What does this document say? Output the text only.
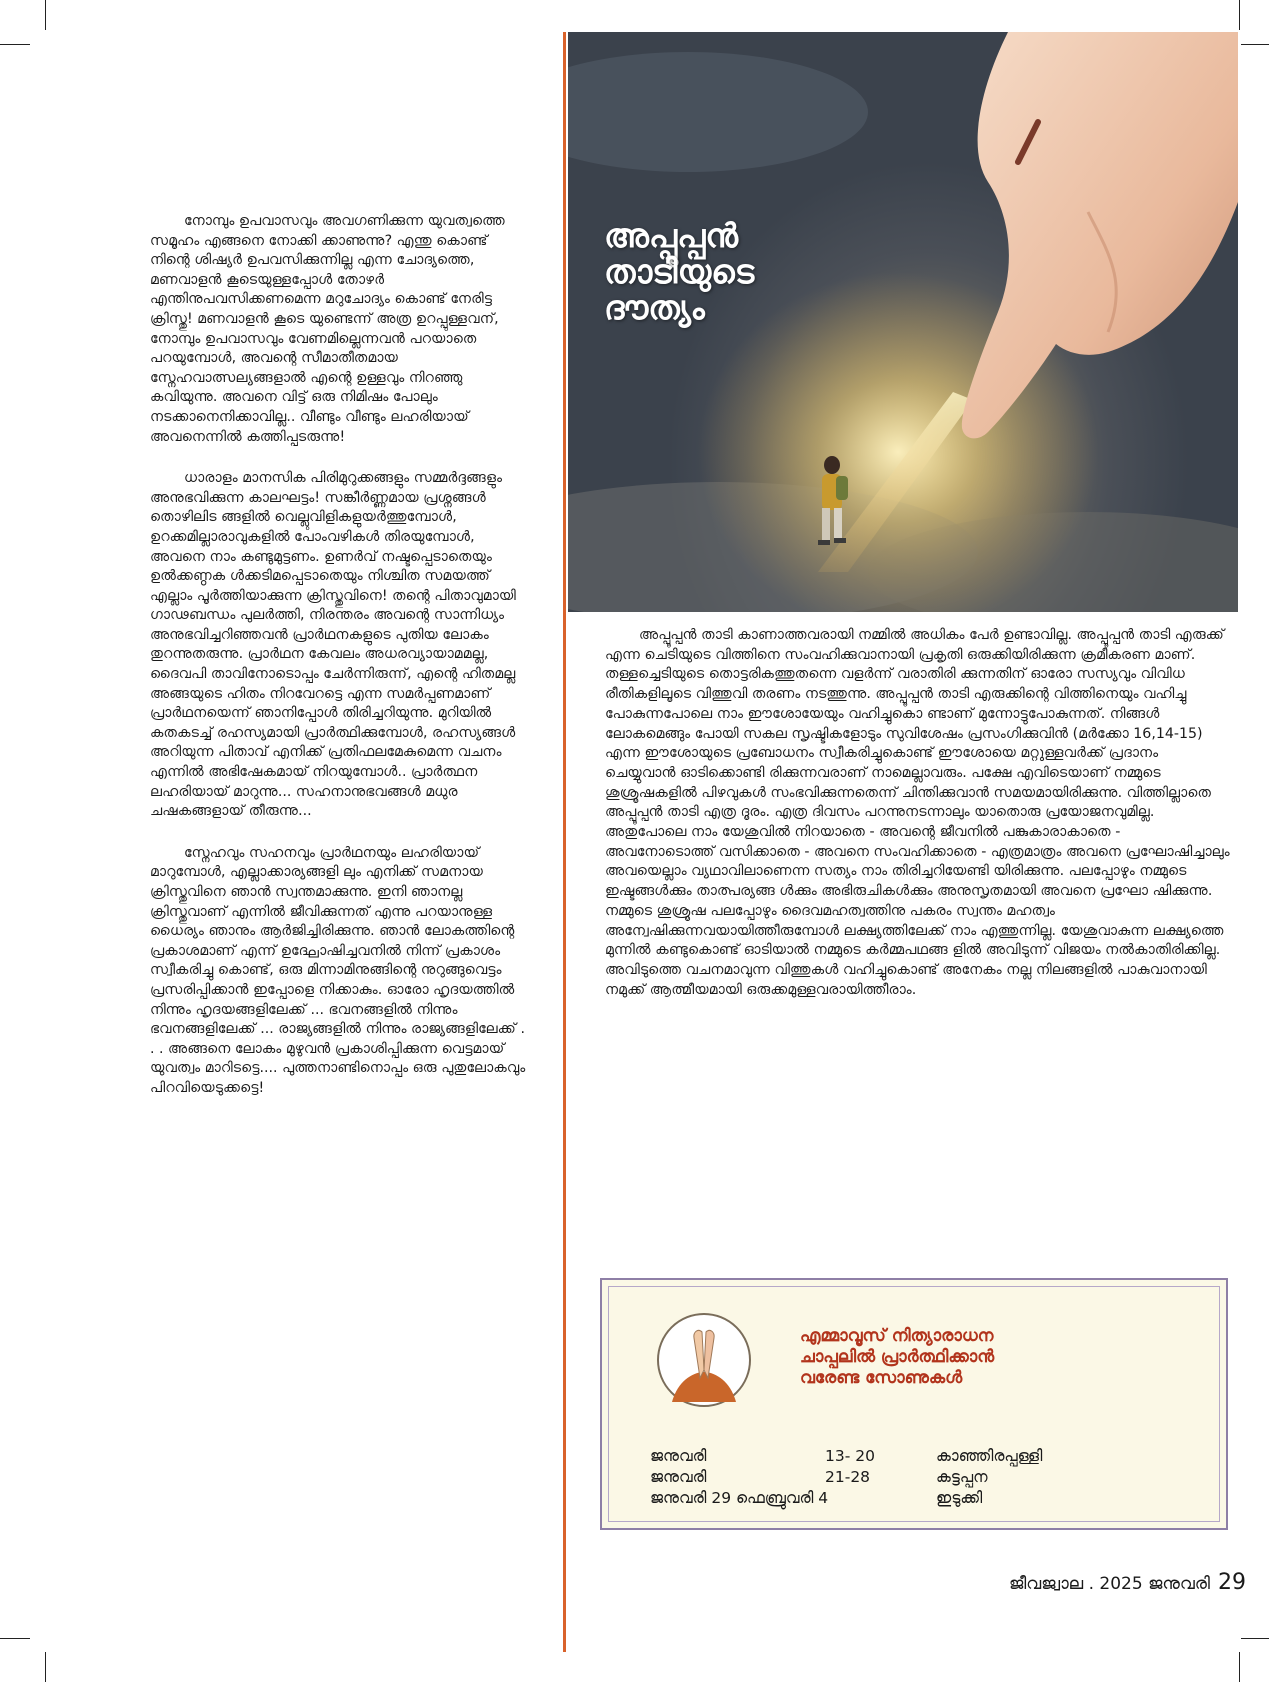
നോമ്പും ഉപവാസവും അവഗണിക്കുന്ന യുവത്വത്തെ സമൂഹം എങ്ങനെ നോക്കി ക്കാണുന്നു? എന്തു കൊണ്ട് നിന്റെ ശിഷ്യർ ഉപവസിക്കുന്നില്ല എന്ന ചോദ്യത്തെ, മണവാളൻ കൂടെയുള്ളപ്പോൾ തോഴർ എന്തിനുപവസിക്കണമെന്ന മറുചോദ്യം കൊണ്ട് നേരിട്ട ക്രിസ്തു! മണവാളൻ കൂടെ യുണ്ടെന്ന് അത്ര ഉറപ്പുള്ളവന്, നോമ്പും ഉപവാസവും വേണമില്ലെന്നവൻ പറയാതെ പറയുമ്പോൾ, അവന്റെ സീമാതീതമായ സ്നേഹവാത്സല്യങ്ങളാൽ എന്റെ ഉള്ളവും നിറഞ്ഞു കവിയുന്നു. അവനെ വിട്ട് ഒരു നിമിഷം പോലും നടക്കാനെനിക്കാവില്ല.. വീണ്ടും വീണ്ടും ലഹരിയായ് അവനെന്നിൽ കത്തിപ്പടരുന്നു!

ധാരാളം മാനസിക പിരിമുറുക്കങ്ങളും സമ്മർദ്ദങ്ങളും അനുഭവിക്കുന്ന കാലഘട്ടം! സങ്കീർണ്ണമായ പ്രശ്നങ്ങൾ തൊഴിലിട ങ്ങളിൽ വെല്ലുവിളികളുയർത്തുമ്പോൾ, ഉറക്കമില്ലാരാവുകളിൽ പോംവഴികൾ തിരയുമ്പോൾ, അവനെ നാം കണ്ടുമുട്ടണം. ഉണർവ് നഷ്ടപ്പെടാതെയും ഉൽക്കണ്ഠക ൾക്കടിമപ്പെടാതെയും നിശ്ചിത സമയത്ത് എല്ലാം പൂർത്തിയാക്കുന്ന ക്രിസ്തുവിനെ! തന്റെ പിതാവുമായി ഗാഢബന്ധം പുലർത്തി, നിരന്തരം അവന്റെ സാന്നിധ്യം അനുഭവിച്ചറിഞ്ഞവൻ പ്രാർഥനകളുടെ പുതിയ ലോകം തുറന്നുതരുന്നു. പ്രാർഥന കേവലം അധരവ്യായാമമല്ല, ദൈവപി താവിനോടൊപ്പം ചേർന്നിരുന്ന്, എന്റെ ഹിതമല്ല അങ്ങയുടെ ഹിതം നിറവേറട്ടെ എന്ന സമർപ്പണമാണ് പ്രാർഥനയെന്ന് ഞാനിപ്പോൾ തിരിച്ചറിയുന്നു. മുറിയിൽ കതകടച്ച് രഹസ്യമായി പ്രാർത്ഥിക്കുമ്പോൾ, രഹസ്യങ്ങൾ അറിയുന്ന പിതാവ് എനിക്ക് പ്രതിഫലമേകുമെന്ന വചനം എന്നിൽ അഭിഷേകമായ് നിറയുമ്പോൾ.. പ്രാർത്ഥന ലഹരിയായ് മാറുന്നു... സഹനാനുഭവങ്ങൾ മധുര ചഷകങ്ങളായ് തീരുന്നു...

സ്നേഹവും സഹനവും പ്രാർഥനയും ലഹരിയായ് മാറുമ്പോൾ, എല്ലാക്കാര്യങ്ങളി ലും എനിക്ക് സമനായ ക്രിസ്തുവിനെ ഞാൻ സ്വന്തമാക്കുന്നു. ഇനി ഞാനല്ല ക്രിസ്തുവാണ് എന്നിൽ ജീവിക്കുന്നത് എന്നു പറയാനുള്ള ധൈര്യം ഞാനും ആർജിച്ചിരിക്കുന്നു. ഞാൻ ലോകത്തിന്റെ പ്രകാശമാണ് എന്ന് ഉദ്ഘോഷിച്ചവനിൽ നിന്ന് പ്രകാശം സ്വീകരിച്ചു കൊണ്ട്, ഒരു മിന്നാമിനുങ്ങിന്റെ നുറുങ്ങുവെട്ടം പ്രസരിപ്പിക്കാൻ ഇപ്പോളെ നിക്കാകും. ഓരോ ഹൃദയത്തിൽ നിന്നും ഹൃദയങ്ങളിലേക്ക് ... ഭവനങ്ങളിൽ നിന്നും ഭവനങ്ങളിലേക്ക് ... രാജ്യങ്ങളിൽ നിന്നും രാജ്യങ്ങളിലേക്ക് . . . അങ്ങനെ ലോകം മുഴുവൻ പ്രകാശിപ്പിക്കുന്ന വെട്ടമായ് യുവത്വം മാറിടട്ടെ.... പുത്തനാണ്ടിനൊപ്പം ഒരു പുതുലോകവും പിറവിയെടുക്കട്ടെ!

അപ്പൂപ്പൻ
താടിയുടെ
ദൗത്യം

അപ്പൂപ്പൻ താടി കാണാത്തവരായി നമ്മിൽ അധികം പേർ ഉണ്ടാവില്ല. അപ്പൂപ്പൻ താടി എരുക്ക് എന്ന ചെടിയുടെ വിത്തിനെ സംവഹിക്കുവാനായി പ്രകൃതി ഒരുക്കിയിരിക്കുന്ന ക്രമീകരണ മാണ്. തള്ളച്ചെടിയുടെ തൊട്ടരികത്തുതന്നെ വളർന്ന് വരാതിരി ക്കുന്നതിന് ഓരോ സസ്യവും വിവിധ രീതികളിലൂടെ വിത്തുവി തരണം നടത്തുന്നു. അപ്പൂപ്പൻ താടി എരുക്കിന്റെ വിത്തിനെയും വഹിച്ചു പോകുന്നപോലെ നാം ഈശോയേയും വഹിച്ചുകൊ ണ്ടാണ് മുന്നോട്ടുപോകുന്നത്. നിങ്ങൾ ലോകമെങ്ങും പോയി സകല സൃഷ്ടികളോടും സുവിശേഷം പ്രസംഗിക്കുവിൻ (മർക്കോ 16,14-15) എന്ന ഈശോയുടെ പ്രബോധനം സ്വീകരിച്ചുകൊണ്ട് ഈശോയെ മറ്റുള്ളവർക്ക് പ്രദാനം ചെയ്യുവാൻ ഓടിക്കൊണ്ടി രിക്കുന്നവരാണ് നാമെല്ലാവരും. പക്ഷേ എവിടെയാണ് നമ്മുടെ ശുശ്രൂഷകളിൽ പിഴവുകൾ സംഭവിക്കുന്നതെന്ന് ചിന്തിക്കുവാൻ സമയമായിരിക്കുന്നു. വിത്തില്ലാതെ അപ്പൂപ്പൻ താടി എത്ര ദൂരം. എത്ര ദിവസം പറന്നുനടന്നാലും യാതൊരു പ്രയോജനവുമില്ല. അതുപോലെ നാം യേശുവിൽ നിറയാതെ - അവന്റെ ജീവനിൽ പങ്കുകാരാകാതെ - അവനോടൊത്ത് വസിക്കാതെ - അവനെ സംവഹിക്കാതെ - എത്രമാത്രം അവനെ പ്രഘോഷിച്ചാലും അവയെല്ലാം വ്യഥാവിലാണെന്ന സത്യം നാം തിരിച്ചറിയേണ്ടി യിരിക്കുന്നു. പലപ്പോഴും നമ്മുടെ ഇഷ്ടങ്ങൾക്കും താത്പര്യങ്ങ ൾക്കും അഭിരുചികൾക്കും അനുസൃതമായി അവനെ പ്രഘോ ഷിക്കുന്നു. നമ്മുടെ ശുശ്രൂഷ പലപ്പോഴും ദൈവമഹത്വത്തിനു പകരം സ്വന്തം മഹത്വം അന്വേഷിക്കുന്നവയായിത്തീരുമ്പോൾ ലക്ഷ്യത്തിലേക്ക് നാം എത്തുന്നില്ല. യേശുവാകുന്ന ലക്ഷ്യത്തെ മുന്നിൽ കണ്ടുകൊണ്ട് ഓടിയാൽ നമ്മുടെ കർമ്മപഥങ്ങ ളിൽ അവിടുന്ന് വിജയം നൽകാതിരിക്കില്ല. അവിടുത്തെ വചനമാവുന്ന വിത്തുകൾ വഹിച്ചുകൊണ്ട് അനേകം നല്ല നിലങ്ങളിൽ പാകുവാനായി നമുക്ക് ആത്മീയമായി ഒരുക്കമുള്ളവരായിത്തീരാം.

എമ്മാവൂസ് നിത്യാരാധന
ചാപ്പലിൽ പ്രാർത്ഥിക്കാൻ
വരേണ്ട സോണുകൾ
ജനുവരി	13- 20	കാഞ്ഞിരപ്പള്ളി
ജനുവരി	21-28	കട്ടപ്പന
ജനുവരി 29 ഫെബ്രുവരി 4	ഇടുക്കി
ജീവജ്വാല . 2025 ജനുവരി 29
